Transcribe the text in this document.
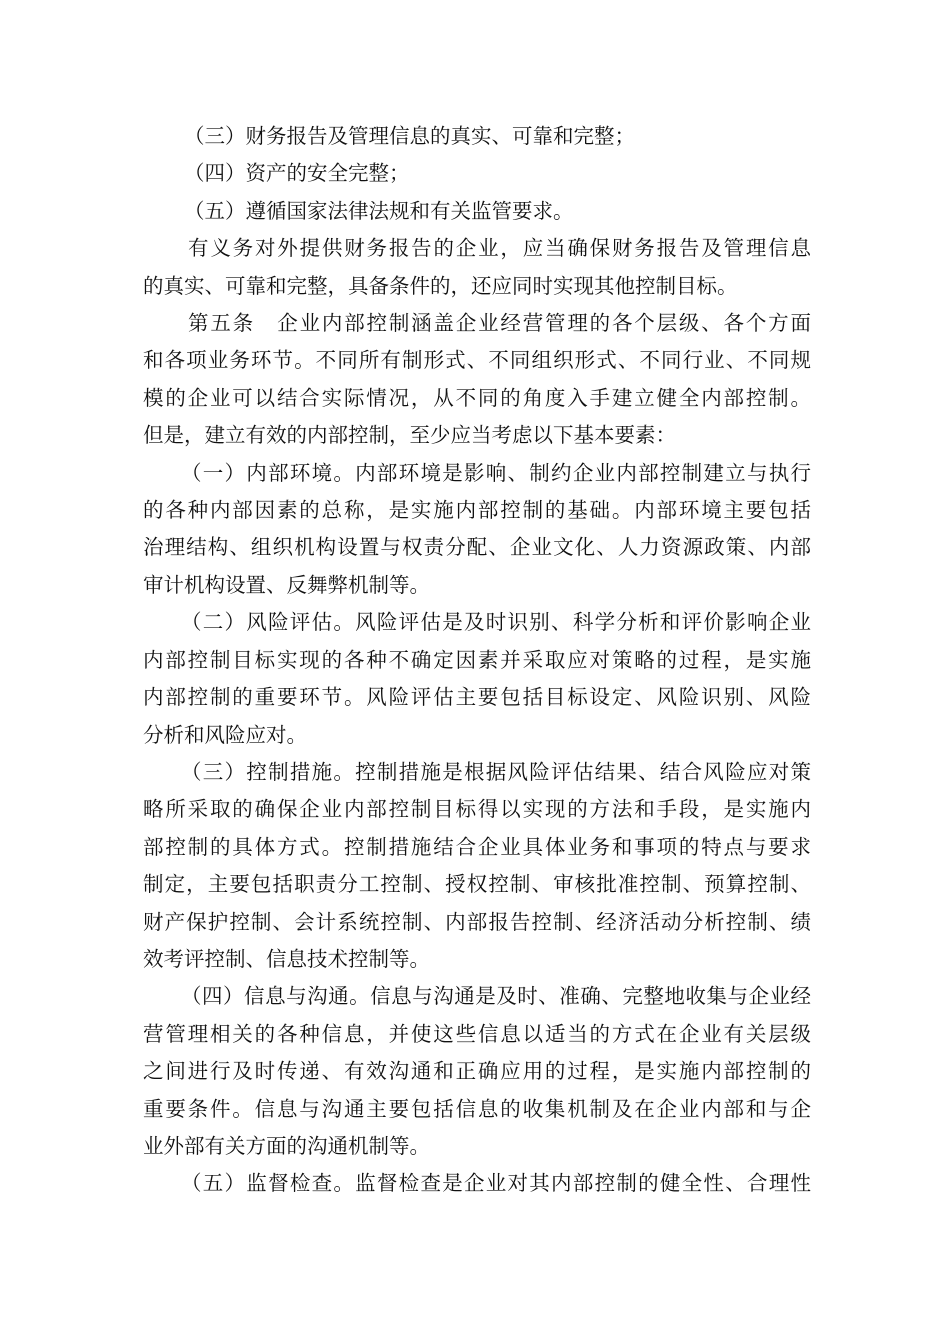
（三）财务报告及管理信息的真实、可靠和完整；
（四）资产的安全完整；
（五）遵循国家法律法规和有关监管要求。
有义务对外提供财务报告的企业，应当确保财务报告及管理信息
的真实、可靠和完整，具备条件的，还应同时实现其他控制目标。
第五条　企业内部控制涵盖企业经营管理的各个层级、各个方面
和各项业务环节。不同所有制形式、不同组织形式、不同行业、不同规
模的企业可以结合实际情况，从不同的角度入手建立健全内部控制。
但是，建立有效的内部控制，至少应当考虑以下基本要素：
（一）内部环境。内部环境是影响、制约企业内部控制建立与执行
的各种内部因素的总称，是实施内部控制的基础。内部环境主要包括
治理结构、组织机构设置与权责分配、企业文化、人力资源政策、内部
审计机构设置、反舞弊机制等。
（二）风险评估。风险评估是及时识别、科学分析和评价影响企业
内部控制目标实现的各种不确定因素并采取应对策略的过程，是实施
内部控制的重要环节。风险评估主要包括目标设定、风险识别、风险
分析和风险应对。
（三）控制措施。控制措施是根据风险评估结果、结合风险应对策
略所采取的确保企业内部控制目标得以实现的方法和手段，是实施内
部控制的具体方式。控制措施结合企业具体业务和事项的特点与要求
制定，主要包括职责分工控制、授权控制、审核批准控制、预算控制、
财产保护控制、会计系统控制、内部报告控制、经济活动分析控制、绩
效考评控制、信息技术控制等。
（四）信息与沟通。信息与沟通是及时、准确、完整地收集与企业经
营管理相关的各种信息，并使这些信息以适当的方式在企业有关层级
之间进行及时传递、有效沟通和正确应用的过程，是实施内部控制的
重要条件。信息与沟通主要包括信息的收集机制及在企业内部和与企
业外部有关方面的沟通机制等。
（五）监督检查。监督检查是企业对其内部控制的健全性、合理性
